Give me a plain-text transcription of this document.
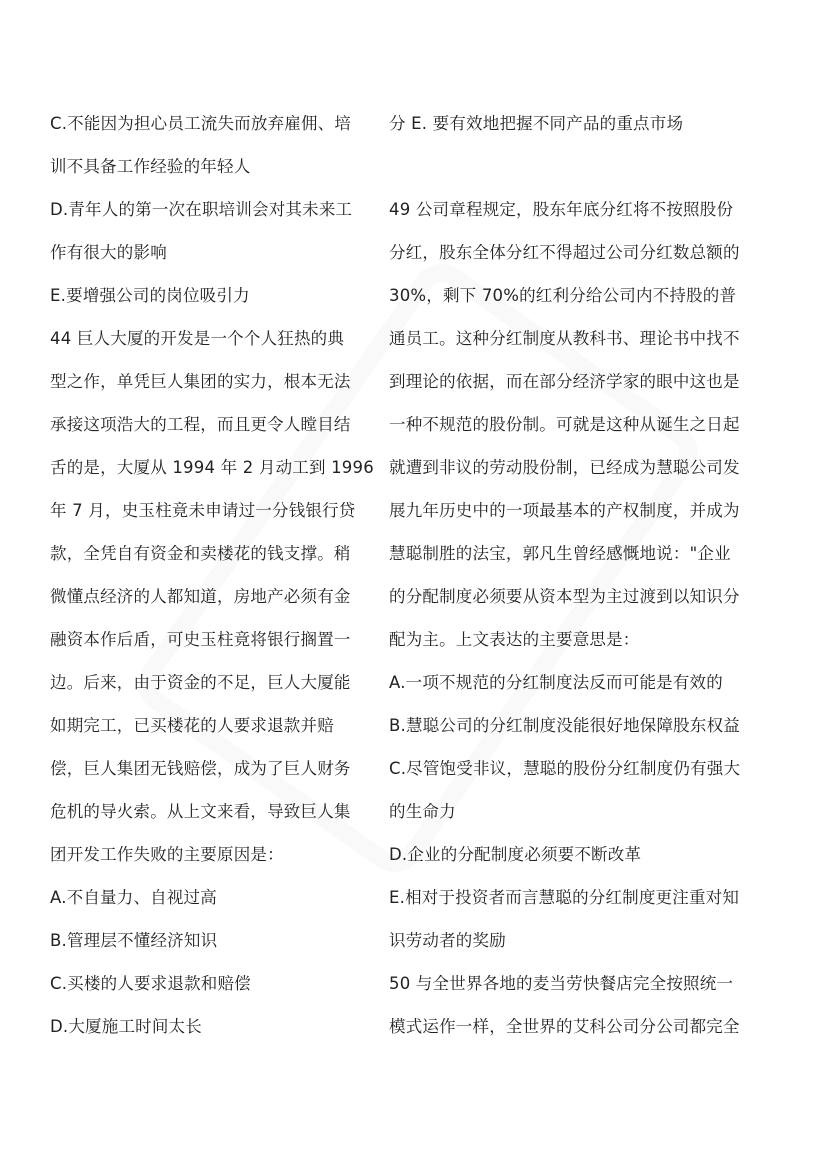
C.不能因为担心员工流失而放弃雇佣、培
训不具备工作经验的年轻人
D.青年人的第一次在职培训会对其未来工
作有很大的影响
E.要增强公司的岗位吸引力
44 巨人大厦的开发是一个个人狂热的典
型之作，单凭巨人集团的实力，根本无法
承接这项浩大的工程，而且更令人瞠目结
舌的是，大厦从 1994 年 2 月动工到 1996
年 7 月，史玉柱竟未申请过一分钱银行贷
款，全凭自有资金和卖楼花的钱支撑。稍
微懂点经济的人都知道，房地产必须有金
融资本作后盾，可史玉柱竟将银行搁置一
边。后来，由于资金的不足，巨人大厦能
如期完工，已买楼花的人要求退款并赔
偿，巨人集团无钱赔偿，成为了巨人财务
危机的导火索。从上文来看，导致巨人集
团开发工作失败的主要原因是：
A.不自量力、自视过高
B.管理层不懂经济知识
C.买楼的人要求退款和赔偿
D.大厦施工时间太长
分 E. 要有效地把握不同产品的重点市场
49 公司章程规定，股东年底分红将不按照股份
分红，股东全体分红不得超过公司分红数总额的
30%，剩下 70%的红利分给公司内不持股的普
通员工。这种分红制度从教科书、理论书中找不
到理论的依据，而在部分经济学家的眼中这也是
一种不规范的股份制。可就是这种从诞生之日起
就遭到非议的劳动股份制，已经成为慧聪公司发
展九年历史中的一项最基本的产权制度，并成为
慧聪制胜的法宝，郭凡生曾经感慨地说："企业
的分配制度必须要从资本型为主过渡到以知识分
配为主。上文表达的主要意思是：
A.一项不规范的分红制度法反而可能是有效的
B.慧聪公司的分红制度没能很好地保障股东权益
C.尽管饱受非议，慧聪的股份分红制度仍有强大
的生命力
D.企业的分配制度必须要不断改革
E.相对于投资者而言慧聪的分红制度更注重对知
识劳动者的奖励
50 与全世界各地的麦当劳快餐店完全按照统一
模式运作一样，全世界的艾科公司分公司都完全
